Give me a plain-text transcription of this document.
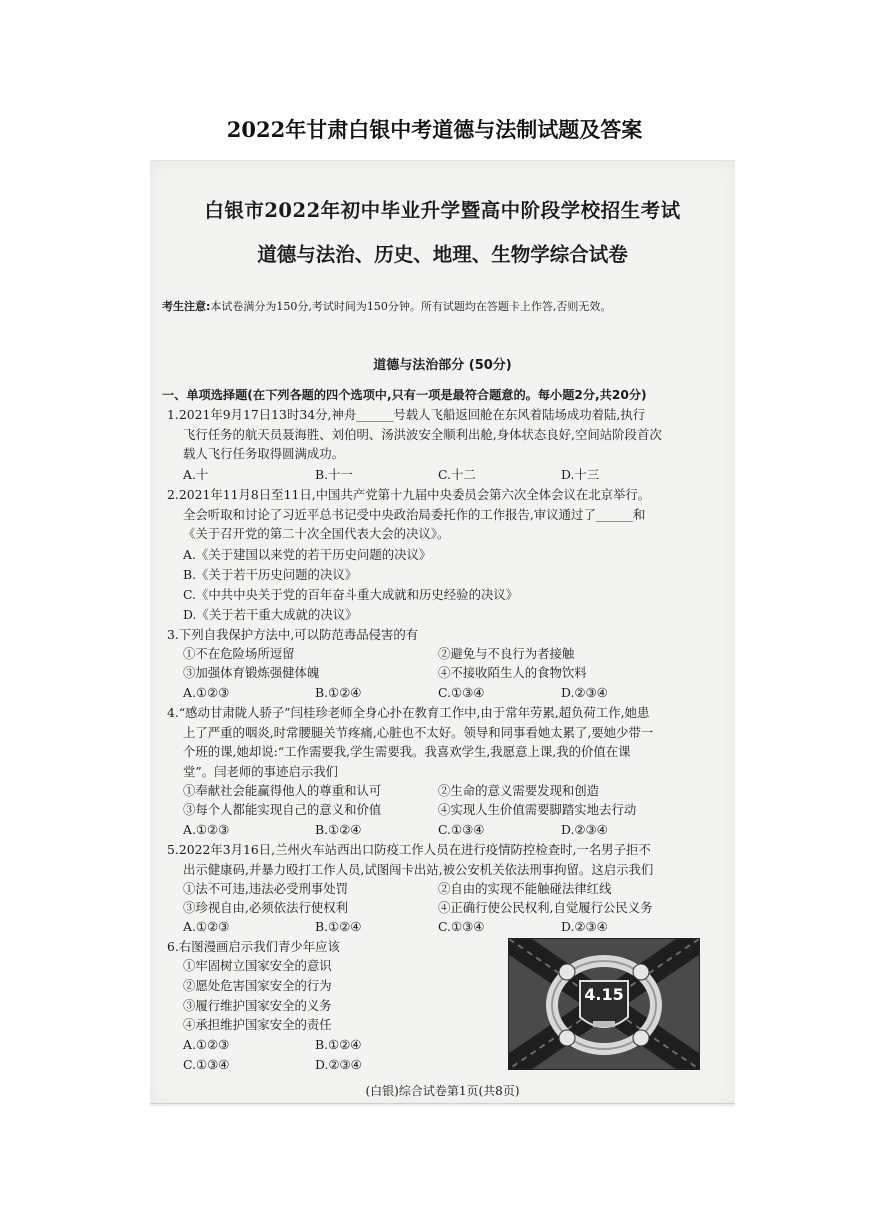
2022年甘肃白银中考道德与法制试题及答案
白银市2022年初中毕业升学暨高中阶段学校招生考试
道德与法治、历史、地理、生物学综合试卷
考生注意:本试卷满分为150分,考试时间为150分钟。所有试题均在答题卡上作答,否则无效。
道德与法治部分 (50分)
一、单项选择题(在下列各题的四个选项中,只有一项是最符合题意的。每小题2分,共20分)

1.2021年9月17日13时34分,神舟______号载人飞船返回舱在东风着陆场成功着陆,执行
飞行任务的航天员聂海胜、刘伯明、汤洪波安全顺利出舱,身体状态良好,空间站阶段首次
载人飞行任务取得圆满成功。

A.十	B.十一	C.十二	D.十三

2.2021年11月8日至11日,中国共产党第十九届中央委员会第六次全体会议在北京举行。
全会听取和讨论了习近平总书记受中央政治局委托作的工作报告,审议通过了______和
《关于召开党的第二十次全国代表大会的决议》。

A.《关于建国以来党的若干历史问题的决议》
B.《关于若干历史问题的决议》
C.《中共中央关于党的百年奋斗重大成就和历史经验的决议》
D.《关于若干重大成就的决议》

3.下列自我保护方法中,可以防范毒品侵害的有

①不在危险场所逗留	②避免与不良行为者接触
③加强体育锻炼强健体魄	④不接收陌生人的食物饮料
A.①②③	B.①②④	C.①③④	D.②③④

4.“感动甘肃陇人骄子”闫桂珍老师全身心扑在教育工作中,由于常年劳累,超负荷工作,她患
上了严重的咽炎,时常腰腿关节疼痛,心脏也不太好。领导和同事看她太累了,要她少带一
个班的课,她却说:“工作需要我,学生需要我。我喜欢学生,我愿意上课,我的价值在课
堂”。闫老师的事迹启示我们

①奉献社会能赢得他人的尊重和认可	②生命的意义需要发现和创造
③每个人都能实现自己的意义和价值	④实现人生价值需要脚踏实地去行动
A.①②③	B.①②④	C.①③④	D.②③④

5.2022年3月16日,兰州火车站西出口防疫工作人员在进行疫情防控检查时,一名男子拒不
出示健康码,并暴力殴打工作人员,试图闯卡出站,被公安机关依法刑事拘留。这启示我们

①法不可违,违法必受刑事处罚	②自由的实现不能触碰法律红线
③珍视自由,必须依法行使权利	④正确行使公民权利,自觉履行公民义务
A.①②③	B.①②④	C.①③④	D.②③④

6.右图漫画启示我们青少年应该

①牢固树立国家安全的意识
②愿处危害国家安全的行为
③履行维护国家安全的义务
④承担维护国家安全的责任
A.①②③	B.①②④
C.①③④	D.②③④
4.15
(白银)综合试卷第1页(共8页)
